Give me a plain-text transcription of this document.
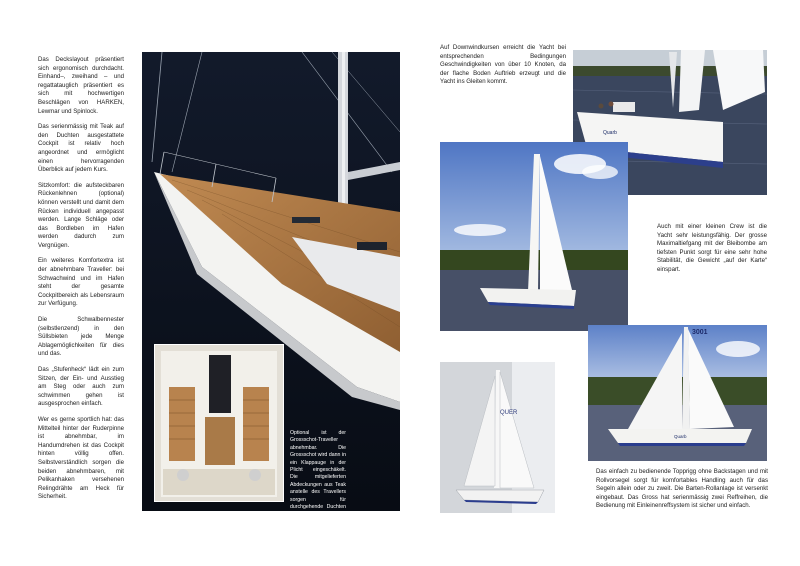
Das Deckslayout präsentiert sich ergonomisch durchdacht. Einhand–, zweihand – und regattatauglich präsentiert es sich mit hochwertigen Beschlägen von HARKEN, Lewmar und Spinlock.

Das serienmässig mit Teak auf den Duchten ausgestattete Cockpit ist relativ hoch angeordnet und ermöglicht einen hervorragenden Überblick auf jedem Kurs.

Sitzkomfort: die aufsteckbaren Rückenlehnen (optional) können verstellt und damit dem Rücken individuell angepasst werden. Lange Schläge oder das Bordleben im Hafen werden dadurch zum Vergnügen.

Ein weiteres Komfortextra ist der abnehmbare Traveller: bei Schwachwind und im Hafen steht der gesamte Cockpitbereich als Lebensraum zur Verfügung.

Die Schwalbennester (selbstlenzend) in den Süllsbieten jede Menge Ablagemöglichkeiten für dies und das.

Das „Stufenheck“ lädt ein zum Sitzen, der Ein- und Ausstieg am Steg oder auch zum schwimmen gehen ist ausgesprochen einfach.

Wer es gerne sportlich hat: das Mittelteil hinter der Ruderpinne ist abnehmbar, im Handumdrehen ist das Cockpit hinten völlig offen. Selbstverständlich sorgen die beiden abnehmbaren, mit Pelikanhaken versehenen Relingdrähte am Heck für Sicherheit.

Optional ist der Grossschot-Traveller abnehmbar. Die Grossschot wird dann in ein Klappauge in der Plicht eingeschäkelt. Die mitgelieferten Abdeckungen aus Teak anstelle des Travellers sorgen für durchgehende Duchten und damit für viel Lebensraum im Hafen oder bei wenig bis mittlerem Wind.

Auf Downwindkursen erreicht die Yacht bei entsprechenden Bedingungen Geschwindigkeiten von über 10 Knoten, da der flache Boden Auftrieb erzeugt und die Yacht ins Gleiten kommt.

Quarb

Auch mit einer kleinen Crew ist die Yacht sehr leistungsfähig. Der grosse Maximaltiefgang mit der Bleibombe am tiefsten Punkt sorgt für eine sehr hohe Stabilität, die Gewicht „auf der Karte“ einspart.

QUER
3001
Quarb

Das einfach zu bedienende Topprigg ohne Backstagen und mit Rollvorsegel sorgt für komfortables Handling auch für das Segeln allein oder zu zweit. Die Barten-Rollanlage ist versenkt eingebaut. Das Gross hat serienmässig zwei Reffreihen, die Bedienung mit Einleinenreffsystem ist sicher und einfach.
